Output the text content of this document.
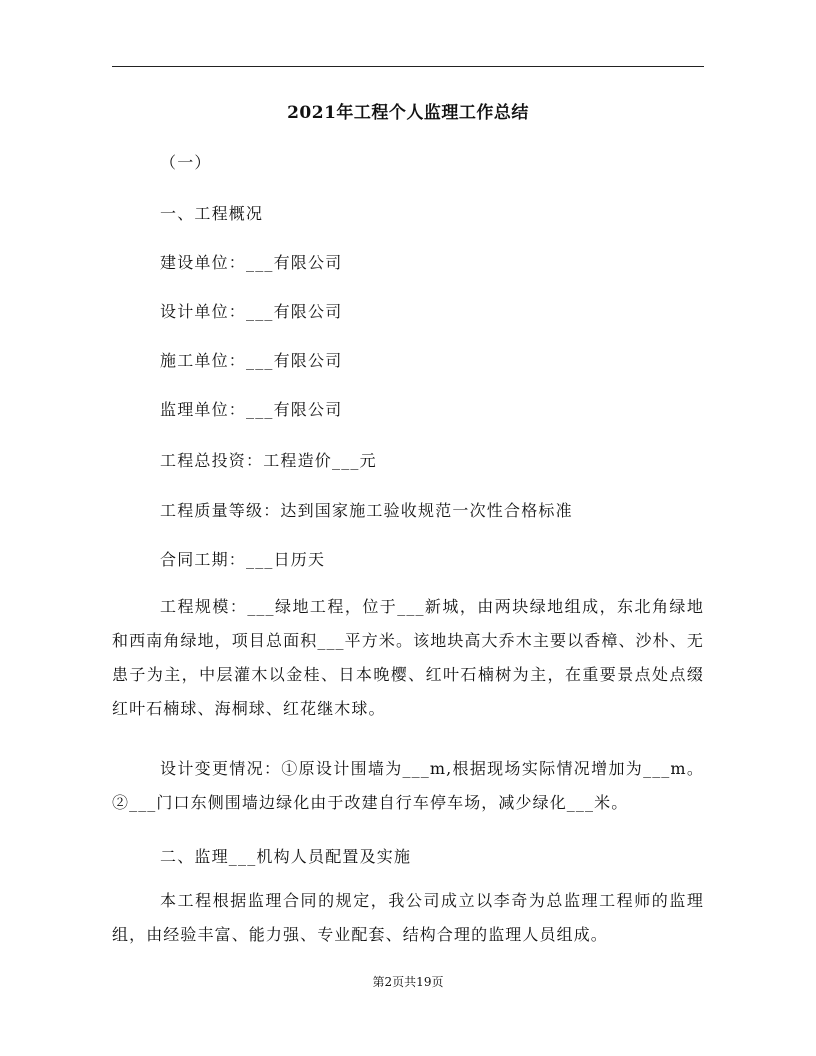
2021年工程个人监理工作总结
（一）
一、工程概况
建设单位：___有限公司
设计单位：___有限公司
施工单位：___有限公司
监理单位：___有限公司
工程总投资：工程造价___元
工程质量等级：达到国家施工验收规范一次性合格标准
合同工期：___日历天
工程规模：___绿地工程，位于___新城，由两块绿地组成，东北角绿地和西南角绿地，项目总面积___平方米。该地块高大乔木主要以香樟、沙朴、无患子为主，中层灌木以金桂、日本晚樱、红叶石楠树为主，在重要景点处点缀红叶石楠球、海桐球、红花继木球。
设计变更情况：①原设计围墙为___m,根据现场实际情况增加为___m。②___门口东侧围墙边绿化由于改建自行车停车场，减少绿化___米。
二、监理___机构人员配置及实施
本工程根据监理合同的规定，我公司成立以李奇为总监理工程师的监理组，由经验丰富、能力强、专业配套、结构合理的监理人员组成。
第2页共19页
